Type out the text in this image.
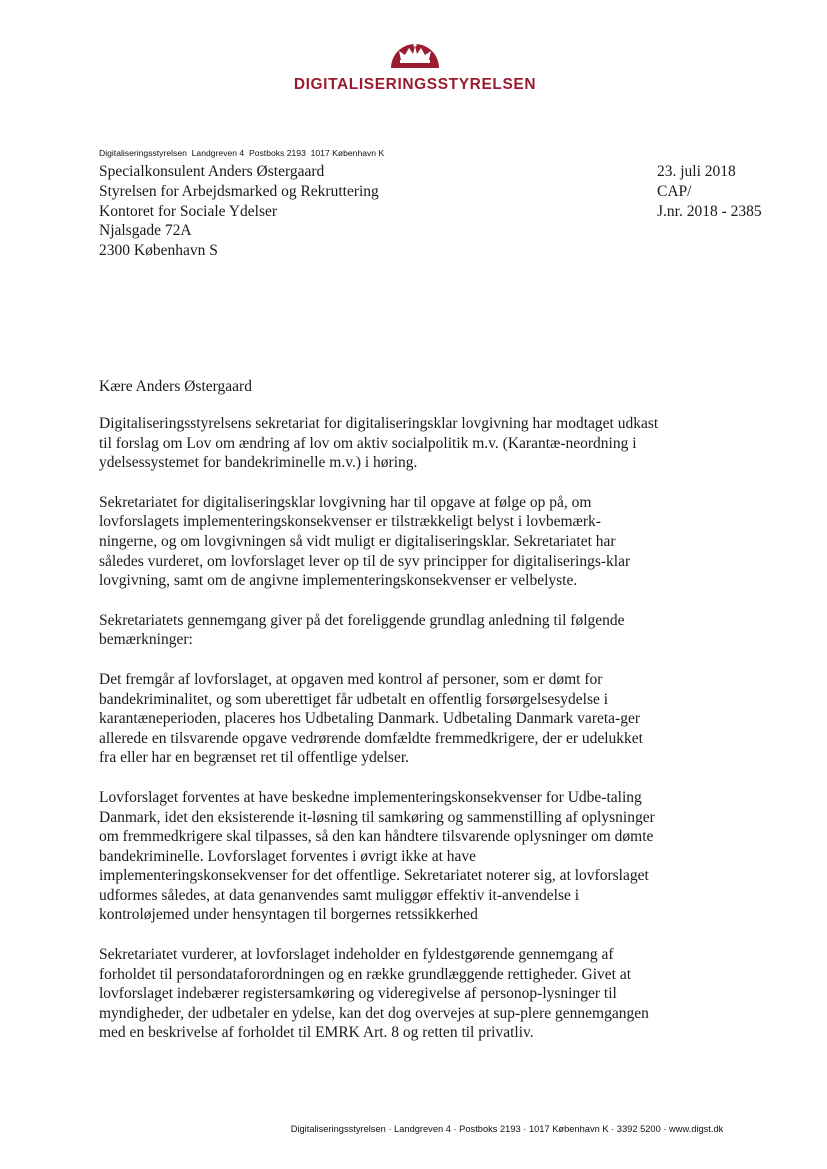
DIGITALISERINGSSTYRELSEN
Digitaliseringsstyrelsen  Landgreven 4  Postboks 2193  1017 København K
Specialkonsulent Anders Østergaard
Styrelsen for Arbejdsmarked og Rekruttering
Kontoret for Sociale Ydelser
Njalsgade 72A
2300 København S
23. juli 2018
CAP/
J.nr. 2018 - 2385
Kære Anders Østergaard

Digitaliseringsstyrelsens sekretariat for digitaliseringsklar lovgivning har modtaget udkast til forslag om Lov om ændring af lov om aktiv socialpolitik m.v. (Karantæ-neordning i ydelsessystemet for bandekriminelle m.v.) i høring.

Sekretariatet for digitaliseringsklar lovgivning har til opgave at følge op på, om lovforslagets implementeringskonsekvenser er tilstrækkeligt belyst i lovbemærk-ningerne, og om lovgivningen så vidt muligt er digitaliseringsklar. Sekretariatet har således vurderet, om lovforslaget lever op til de syv principper for digitaliserings-klar lovgivning, samt om de angivne implementeringskonsekvenser er velbelyste.

Sekretariatets gennemgang giver på det foreliggende grundlag anledning til følgende bemærkninger:

Det fremgår af lovforslaget, at opgaven med kontrol af personer, som er dømt for bandekriminalitet, og som uberettiget får udbetalt en offentlig forsørgelsesydelse i karantæneperioden, placeres hos Udbetaling Danmark. Udbetaling Danmark vareta-ger allerede en tilsvarende opgave vedrørende domfældte fremmedkrigere, der er udelukket fra eller har en begrænset ret til offentlige ydelser.

Lovforslaget forventes at have beskedne implementeringskonsekvenser for Udbe-taling Danmark, idet den eksisterende it-løsning til samkøring og sammenstilling af oplysninger om fremmedkrigere skal tilpasses, så den kan håndtere tilsvarende oplysninger om dømte bandekriminelle. Lovforslaget forventes i øvrigt ikke at have implementeringskonsekvenser for det offentlige. Sekretariatet noterer sig, at lovforslaget udformes således, at data genanvendes samt muliggør effektiv it-anvendelse i kontroløjemed under hensyntagen til borgernes retssikkerhed

Sekretariatet vurderer, at lovforslaget indeholder en fyldestgørende gennemgang af forholdet til persondataforordningen og en række grundlæggende rettigheder. Givet at lovforslaget indebærer registersamkøring og videregivelse af personop-lysninger til myndigheder, der udbetaler en ydelse, kan det dog overvejes at sup-plere gennemgangen med en beskrivelse af forholdet til EMRK Art. 8 og retten til privatliv.

Digitaliseringsstyrelsen · Landgreven 4 · Postboks 2193 · 1017 København K · 3392 5200 · www.digst.dk
